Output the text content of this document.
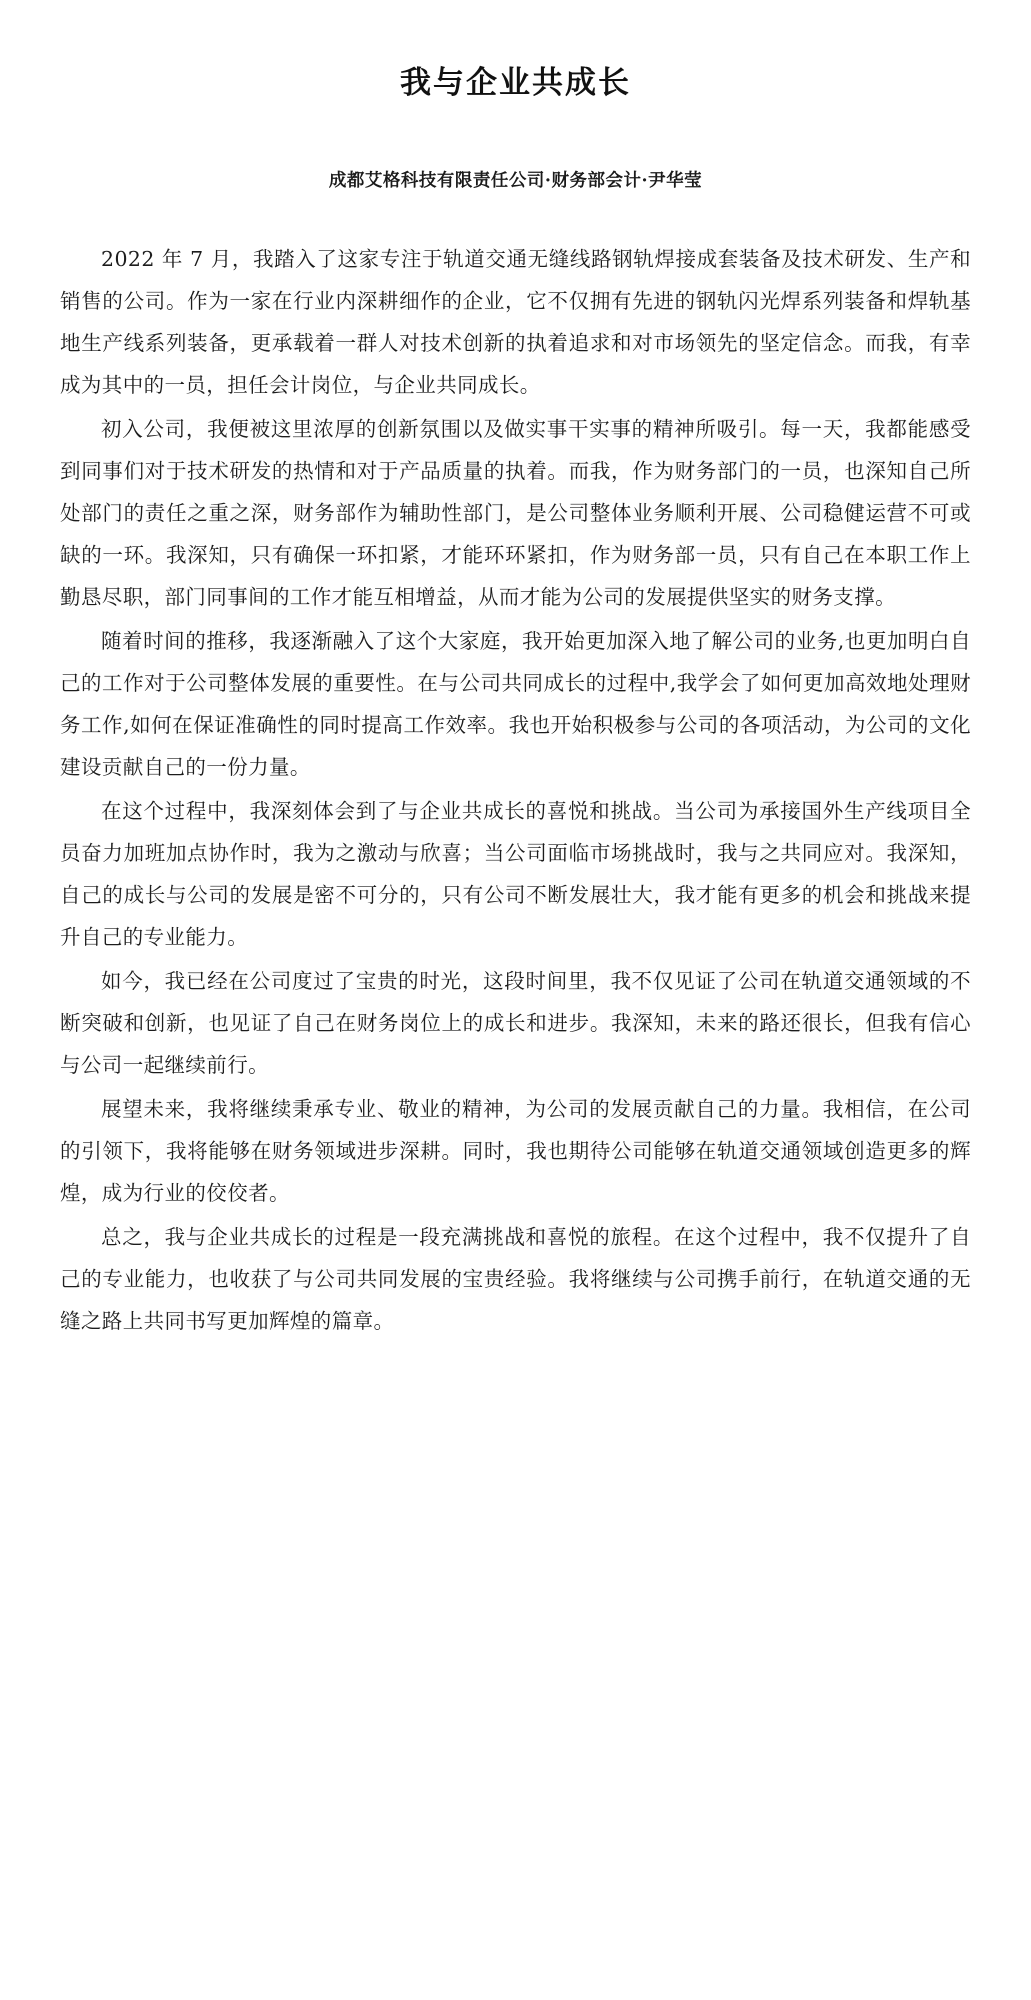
我与企业共成长
成都艾格科技有限责任公司·财务部会计·尹华莹

2022 年 7 月，我踏入了这家专注于轨道交通无缝线路钢轨焊接成套装备及技术研发、生产和销售的公司。作为一家在行业内深耕细作的企业，它不仅拥有先进的钢轨闪光焊系列装备和焊轨基地生产线系列装备，更承载着一群人对技术创新的执着追求和对市场领先的坚定信念。而我，有幸成为其中的一员，担任会计岗位，与企业共同成长。

初入公司，我便被这里浓厚的创新氛围以及做实事干实事的精神所吸引。每一天，我都能感受到同事们对于技术研发的热情和对于产品质量的执着。而我，作为财务部门的一员，也深知自己所处部门的责任之重之深，财务部作为辅助性部门，是公司整体业务顺利开展、公司稳健运营不可或缺的一环。我深知，只有确保一环扣紧，才能环环紧扣，作为财务部一员，只有自己在本职工作上勤恳尽职，部门同事间的工作才能互相增益，从而才能为公司的发展提供坚实的财务支撑。

随着时间的推移，我逐渐融入了这个大家庭，我开始更加深入地了解公司的业务,也更加明白自己的工作对于公司整体发展的重要性。在与公司共同成长的过程中,我学会了如何更加高效地处理财务工作,如何在保证准确性的同时提高工作效率。我也开始积极参与公司的各项活动，为公司的文化建设贡献自己的一份力量。

在这个过程中，我深刻体会到了与企业共成长的喜悦和挑战。当公司为承接国外生产线项目全员奋力加班加点协作时，我为之激动与欣喜；当公司面临市场挑战时，我与之共同应对。我深知，自己的成长与公司的发展是密不可分的，只有公司不断发展壮大，我才能有更多的机会和挑战来提升自己的专业能力。

如今，我已经在公司度过了宝贵的时光，这段时间里，我不仅见证了公司在轨道交通领域的不断突破和创新，也见证了自己在财务岗位上的成长和进步。我深知，未来的路还很长，但我有信心与公司一起继续前行。

展望未来，我将继续秉承专业、敬业的精神，为公司的发展贡献自己的力量。我相信，在公司的引领下，我将能够在财务领域进步深耕。同时，我也期待公司能够在轨道交通领域创造更多的辉煌，成为行业的佼佼者。

总之，我与企业共成长的过程是一段充满挑战和喜悦的旅程。在这个过程中，我不仅提升了自己的专业能力，也收获了与公司共同发展的宝贵经验。我将继续与公司携手前行，在轨道交通的无缝之路上共同书写更加辉煌的篇章。
